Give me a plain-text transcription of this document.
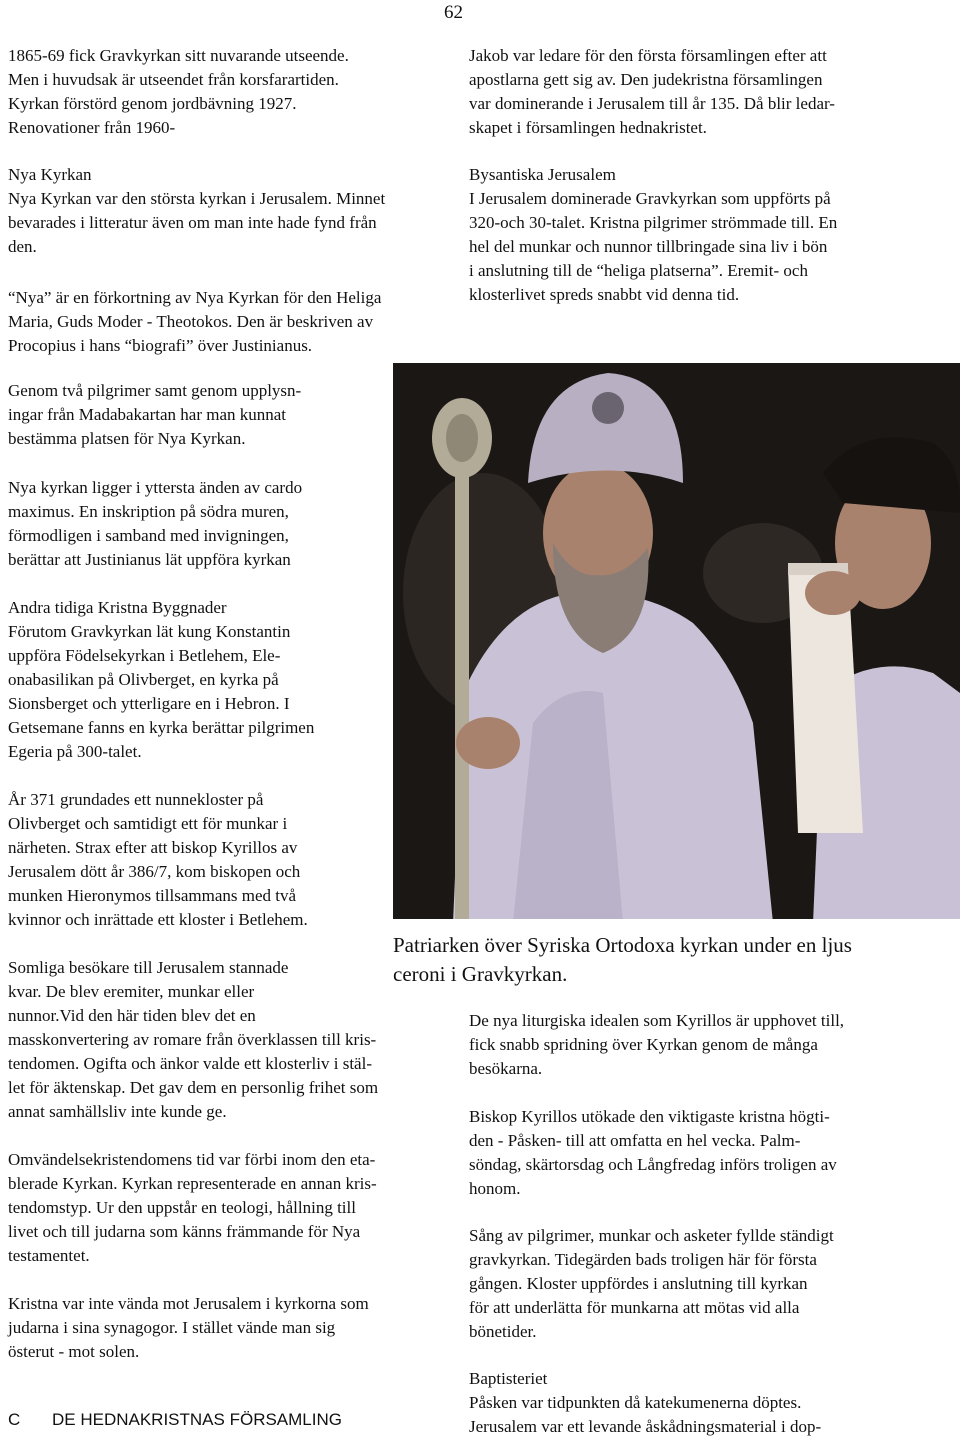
62

1865-69 fick Gravkyrkan sitt nuvarande utseende.
Men i huvudsak är utseendet från korsfarartiden.
Kyrkan förstörd genom jordbävning 1927.
Renovationer från 1960-

Nya Kyrkan
Nya Kyrkan var den största kyrkan i Jerusalem. Minnet
bevarades i litteratur även om man inte hade fynd från
den.

“Nya” är en förkortning av Nya Kyrkan för den Heliga
Maria, Guds Moder - Theotokos. Den är beskriven av
Procopius i hans “biografi” över Justinianus.

Genom två pilgrimer samt genom upplysn-
ingar från Madabakartan har man kunnat
bestämma platsen för Nya Kyrkan.

Nya kyrkan ligger i yttersta änden av cardo
maximus. En inskription på södra muren,
förmodligen i samband med invigningen,
berättar att Justinianus lät uppföra kyrkan

Andra tidiga Kristna Byggnader
Förutom Gravkyrkan lät kung Konstantin
uppföra Födelsekyrkan i Betlehem, Ele-
onabasilikan på Olivberget, en kyrka på
Sionsberget och ytterligare en i Hebron. I
Getsemane fanns en kyrka berättar pilgrimen
Egeria på 300-talet.

År 371 grundades ett nunnekloster på
Olivberget och samtidigt ett för munkar i
närheten. Strax efter att biskop Kyrillos av
Jerusalem dött år 386/7, kom biskopen och
munken Hieronymos tillsammans med två
kvinnor och inrättade ett kloster i Betlehem.

Somliga besökare till Jerusalem stannade
kvar. De blev eremiter, munkar eller
nunnor.Vid den här tiden blev det en
masskonvertering av romare från överklassen till kris-
tendomen. Ogifta och änkor valde ett klosterliv i stäl-
let för äktenskap. Det gav dem en personlig frihet som
annat samhällsliv inte kunde ge.

Omvändelsekristendomens tid var förbi inom den eta-
blerade Kyrkan. Kyrkan representerade en annan kris-
tendomstyp. Ur den uppstår en teologi, hållning till
livet och till judarna som känns främmande för Nya
testamentet.

Kristna var inte vända mot Jerusalem i kyrkorna som
judarna i sina synagogor. I stället vände man sig
österut - mot solen.

Jakob var ledare för den första församlingen efter att
apostlarna gett sig av. Den judekristna församlingen
var dominerande i Jerusalem till år 135. Då blir ledar-
skapet i församlingen hednakristet.

Bysantiska Jerusalem
I Jerusalem dominerade Gravkyrkan som uppförts på
320-och 30-talet. Kristna pilgrimer strömmade till. En
hel del munkar och nunnor tillbringade sina liv i bön
i anslutning till de “heliga platserna”. Eremit- och
klosterlivet spreds snabbt vid denna tid.

Patriarken över Syriska Ortodoxa kyrkan under en ljus
ceroni i Gravkyrkan.

De nya liturgiska idealen som Kyrillos är upphovet till,
fick snabb spridning över Kyrkan genom de många
besökarna.

Biskop Kyrillos utökade den viktigaste kristna högti-
den - Påsken- till att omfatta en hel vecka. Palm-
söndag, skärtorsdag och Långfredag införs troligen av
honom.

Sång av pilgrimer, munkar och asketer fyllde ständigt
gravkyrkan. Tidegärden bads troligen här för första
gången. Kloster uppfördes i anslutning till kyrkan
för att underlätta för munkarna att mötas vid alla
bönetider.

Baptisteriet
Påsken var tidpunkten då katekumenerna döptes.
Jerusalem var ett levande åskådningsmaterial i dop-

C DE HEDNAKRISTNAS FÖRSAMLING
